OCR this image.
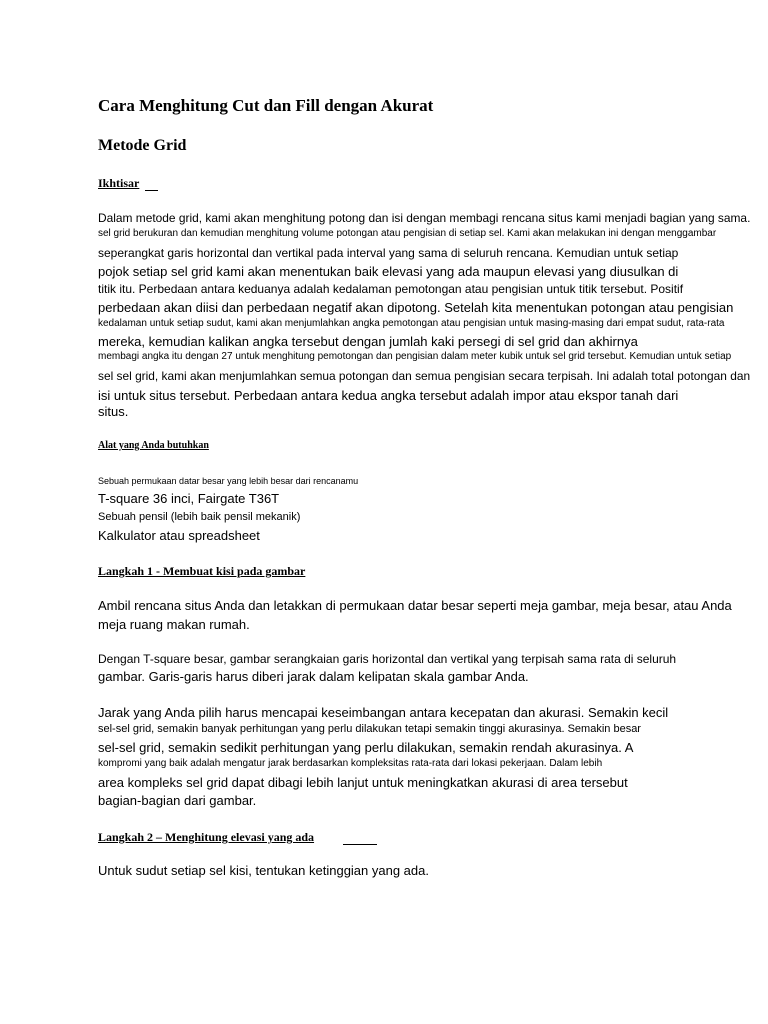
Cara Menghitung Cut dan Fill dengan Akurat
Metode Grid
Ikhtisar
Dalam metode grid, kami akan menghitung potong dan isi dengan membagi rencana situs kami menjadi bagian yang sama.
sel grid berukuran dan kemudian menghitung volume potongan atau pengisian di setiap sel. Kami akan melakukan ini dengan menggambar
seperangkat garis horizontal dan vertikal pada interval yang sama di seluruh rencana. Kemudian untuk setiap
pojok setiap sel grid kami akan menentukan baik elevasi yang ada maupun elevasi yang diusulkan di
titik itu. Perbedaan antara keduanya adalah kedalaman pemotongan atau pengisian untuk titik tersebut. Positif
perbedaan akan diisi dan perbedaan negatif akan dipotong. Setelah kita menentukan potongan atau pengisian
kedalaman untuk setiap sudut, kami akan menjumlahkan angka pemotongan atau pengisian untuk masing-masing dari empat sudut, rata-rata
mereka, kemudian kalikan angka tersebut dengan jumlah kaki persegi di sel grid dan akhirnya
membagi angka itu dengan 27 untuk menghitung pemotongan dan pengisian dalam meter kubik untuk sel grid tersebut. Kemudian untuk setiap
sel sel grid, kami akan menjumlahkan semua potongan dan semua pengisian secara terpisah. Ini adalah total potongan dan
isi untuk situs tersebut. Perbedaan antara kedua angka tersebut adalah impor atau ekspor tanah dari
situs.
Alat yang Anda butuhkan
Sebuah permukaan datar besar yang lebih besar dari rencanamu
T-square 36 inci, Fairgate T36T
Sebuah pensil (lebih baik pensil mekanik)
Kalkulator atau spreadsheet
Langkah 1 - Membuat kisi pada gambar
Ambil rencana situs Anda dan letakkan di permukaan datar besar seperti meja gambar, meja besar, atau Anda
meja ruang makan rumah.
Dengan T-square besar, gambar serangkaian garis horizontal dan vertikal yang terpisah sama rata di seluruh
gambar. Garis-garis harus diberi jarak dalam kelipatan skala gambar Anda.
Jarak yang Anda pilih harus mencapai keseimbangan antara kecepatan dan akurasi. Semakin kecil
sel-sel grid, semakin banyak perhitungan yang perlu dilakukan tetapi semakin tinggi akurasinya. Semakin besar
sel-sel grid, semakin sedikit perhitungan yang perlu dilakukan, semakin rendah akurasinya. A
kompromi yang baik adalah mengatur jarak berdasarkan kompleksitas rata-rata dari lokasi pekerjaan. Dalam lebih
area kompleks sel grid dapat dibagi lebih lanjut untuk meningkatkan akurasi di area tersebut
bagian-bagian dari gambar.
Langkah 2 – Menghitung elevasi yang ada
Untuk sudut setiap sel kisi, tentukan ketinggian yang ada.
